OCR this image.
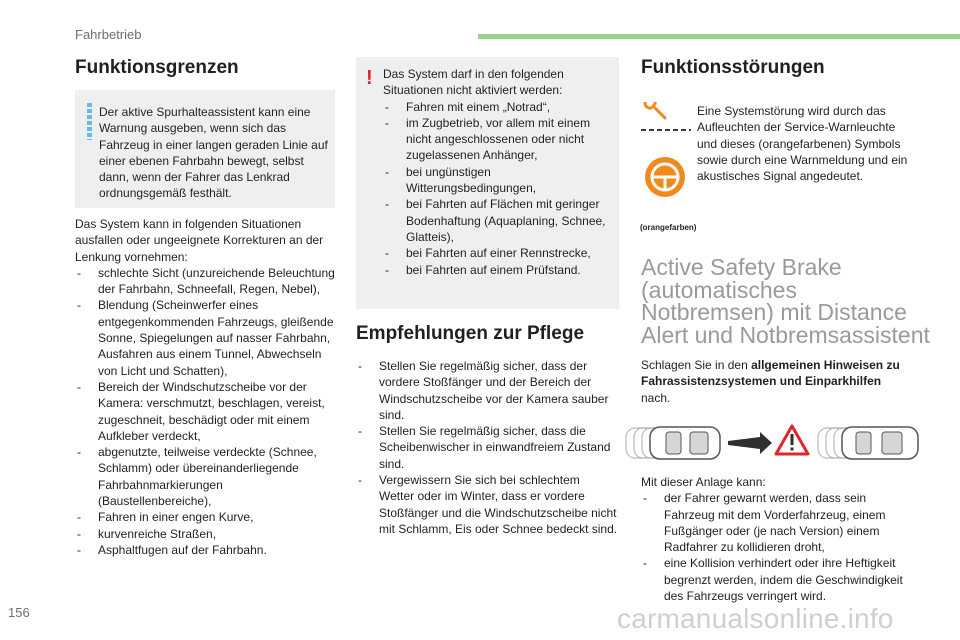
Fahrbetrieb
Funktionsgrenzen
Der aktive Spurhalteassistent kann eine Warnung ausgeben, wenn sich das Fahrzeug in einer langen geraden Linie auf einer ebenen Fahrbahn bewegt, selbst dann, wenn der Fahrer das Lenkrad ordnungsgemäß festhält.
Das System kann in folgenden Situationen ausfallen oder ungeeignete Korrekturen an der Lenkung vornehmen:
- schlechte Sicht (unzureichende Beleuchtung der Fahrbahn, Schneefall, Regen, Nebel),
- Blendung (Scheinwerfer eines entgegenkommenden Fahrzeugs, gleißende Sonne, Spiegelungen auf nasser Fahrbahn, Ausfahren aus einem Tunnel, Abwechseln von Licht und Schatten),
- Bereich der Windschutzscheibe vor der Kamera: verschmutzt, beschlagen, vereist, zugeschneit, beschädigt oder mit einem Aufkleber verdeckt,
- abgenutzte, teilweise verdeckte (Schnee, Schlamm) oder übereinanderliegende Fahrbahnmarkierungen (Baustellenbereiche),
- Fahren in einer engen Kurve,
- kurvenreiche Straßen,
- Asphaltfugen auf der Fahrbahn.
! Das System darf in den folgenden Situationen nicht aktiviert werden:
- Fahren mit einem „Notrad“,
- im Zugbetrieb, vor allem mit einem nicht angeschlossenen oder nicht zugelassenen Anhänger,
- bei ungünstigen Witterungsbedingungen,
- bei Fahrten auf Flächen mit geringer Bodenhaftung (Aquaplaning, Schnee, Glatteis),
- bei Fahrten auf einer Rennstrecke,
- bei Fahrten auf einem Prüfstand.
Empfehlungen zur Pflege
- Stellen Sie regelmäßig sicher, dass der vordere Stoßfänger und der Bereich der Windschutzscheibe vor der Kamera sauber sind.
- Stellen Sie regelmäßig sicher, dass die Scheibenwischer in einwandfreiem Zustand sind.
- Vergewissern Sie sich bei schlechtem Wetter oder im Winter, dass er vordere Stoßfänger und die Windschutzscheibe nicht mit Schlamm, Eis oder Schnee bedeckt sind.
Funktionsstörungen
(orangefarben)
Eine Systemstörung wird durch das Aufleuchten der Service-Warnleuchte und dieses (orangefarbenen) Symbols sowie durch eine Warnmeldung und ein akustisches Signal angedeutet.
Active Safety Brake
(automatisches
Notbremsen) mit Distance
Alert und Notbremsassistent
Schlagen Sie in den allgemeinen Hinweisen zu Fahrassistenzsystemen und Einparkhilfen nach.
Mit dieser Anlage kann:
- der Fahrer gewarnt werden, dass sein Fahrzeug mit dem Vorderfahrzeug, einem Fußgänger oder (je nach Version) einem Radfahrer zu kollidieren droht,
- eine Kollision verhindert oder ihre Heftigkeit begrenzt werden, indem die Geschwindigkeit des Fahrzeugs verringert wird.
156	carmanualsonline.info
